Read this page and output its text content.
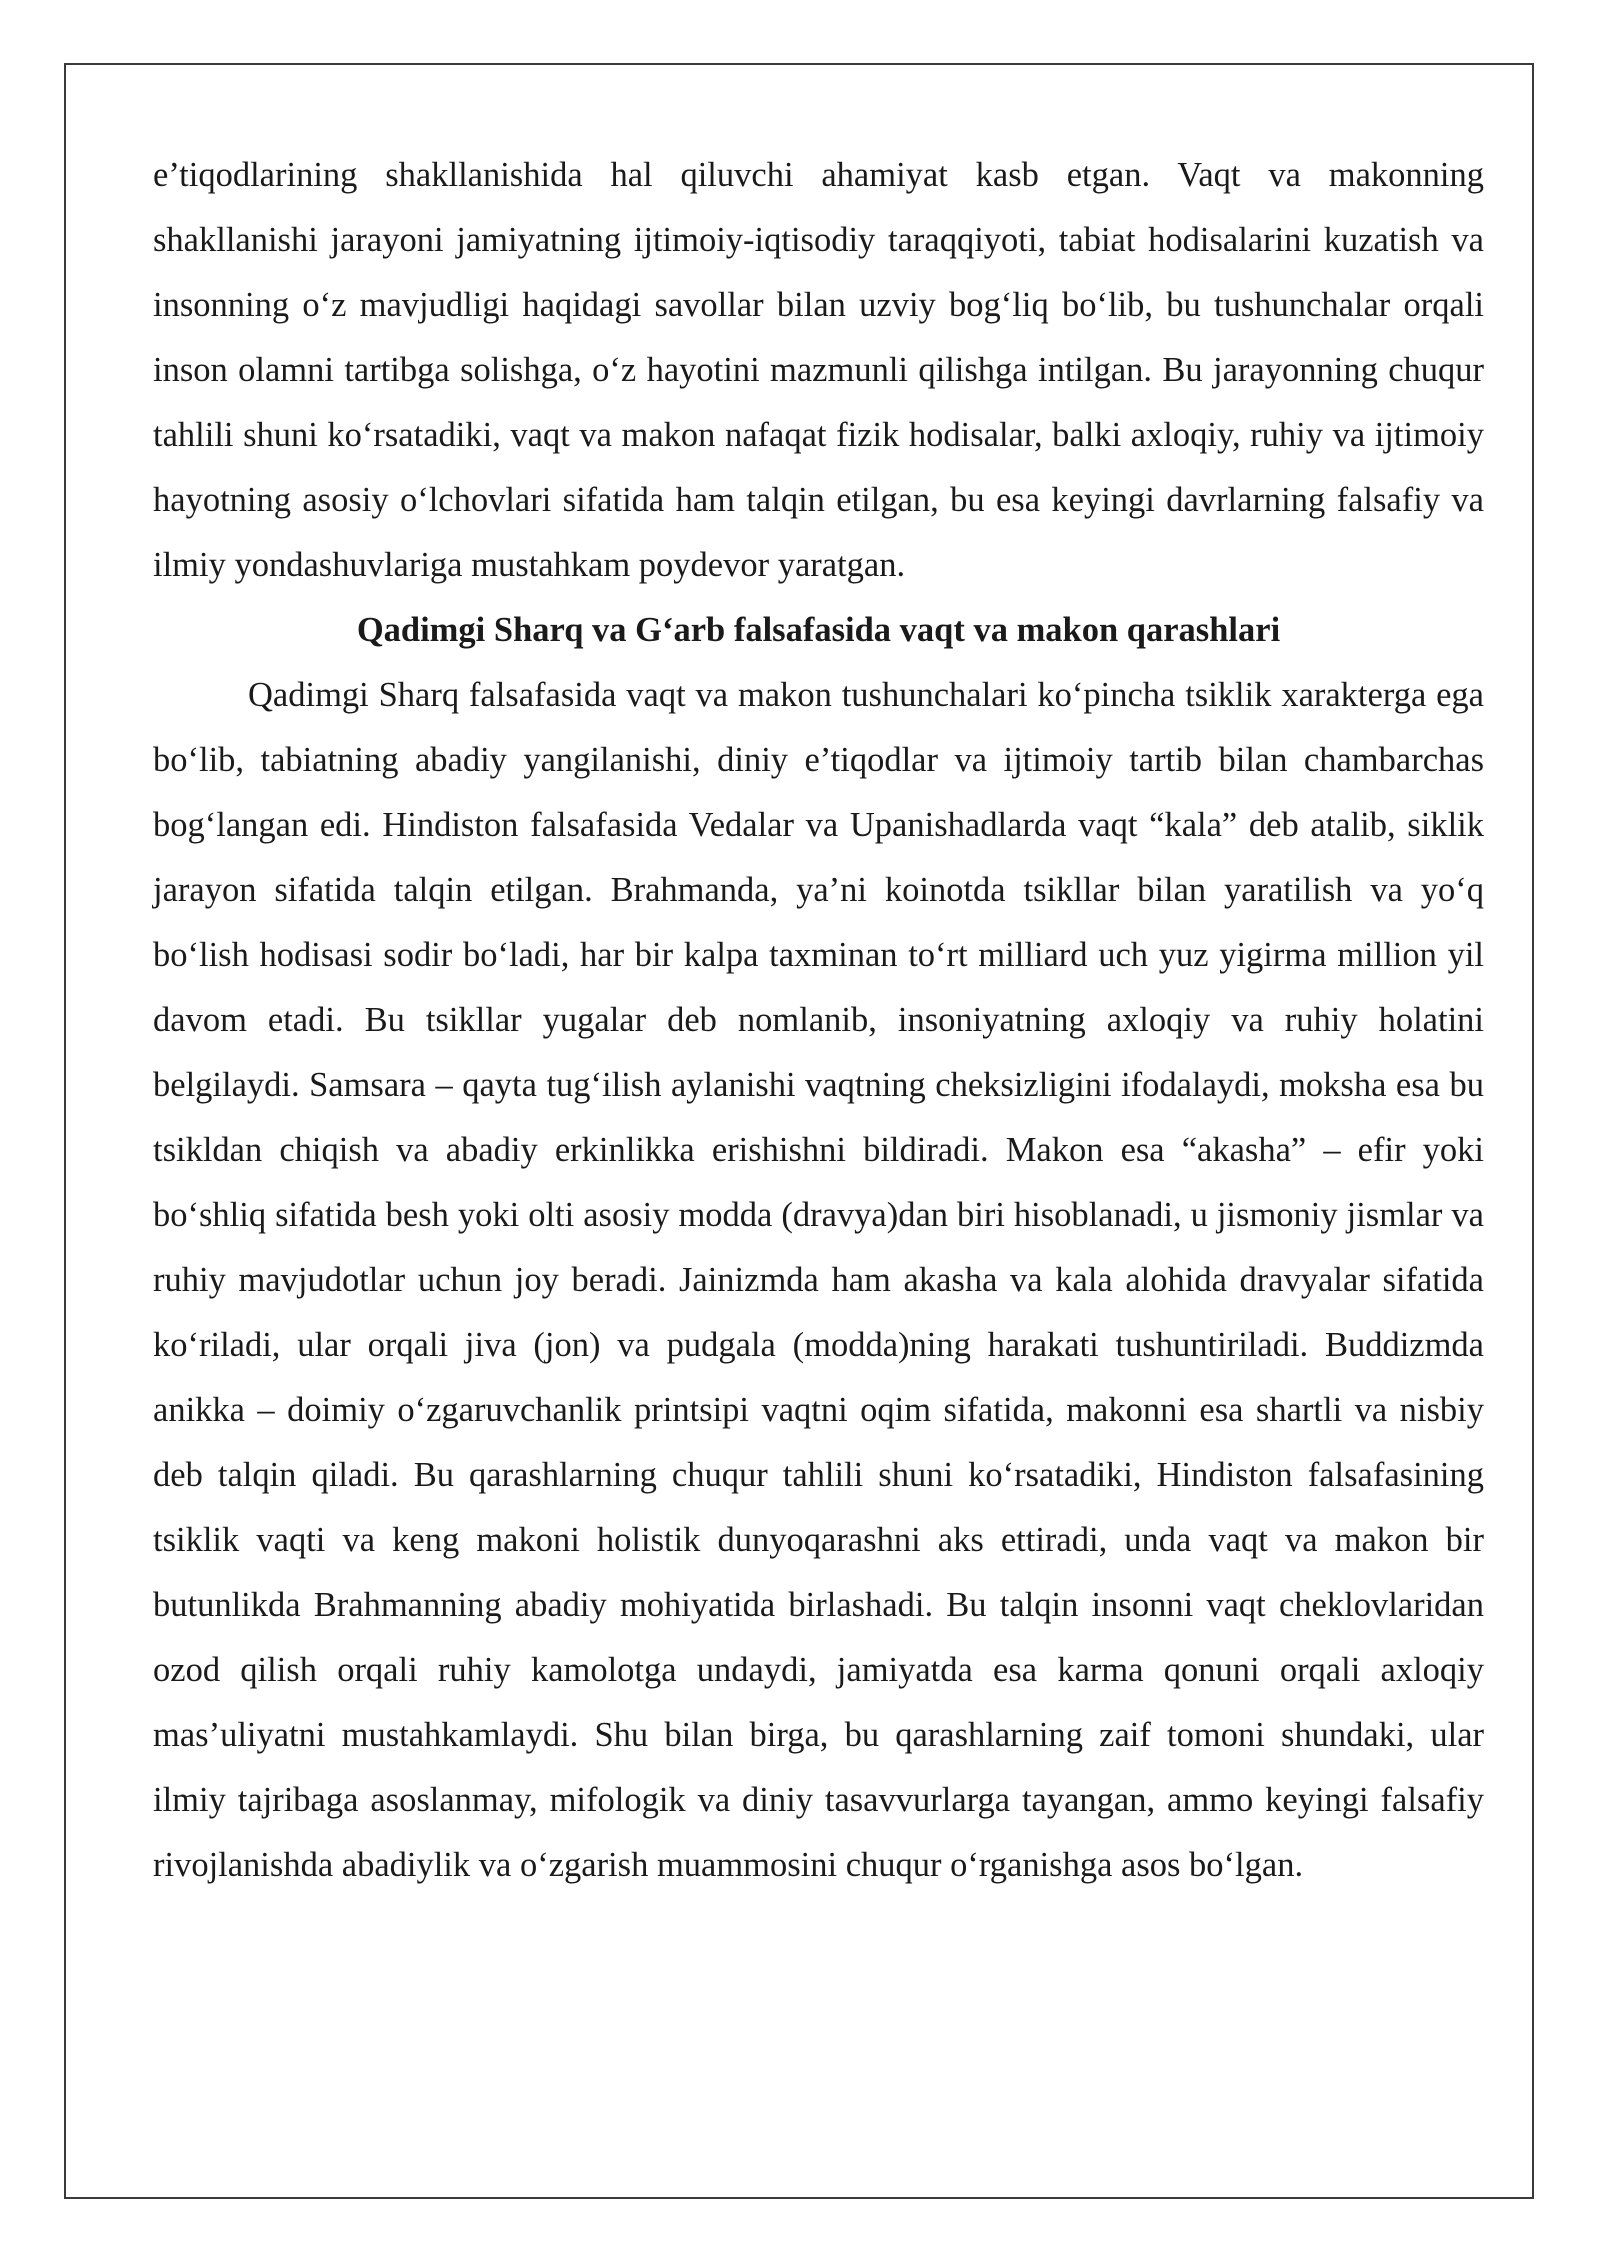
e’tiqodlarining shakllanishida hal qiluvchi ahamiyat kasb etgan. Vaqt va makonning shakllanishi jarayoni jamiyatning ijtimoiy-iqtisodiy taraqqiyoti, tabiat hodisalarini kuzatish va insonning o‘z mavjudligi haqidagi savollar bilan uzviy bog‘liq bo‘lib, bu tushunchalar orqali inson olamni tartibga solishga, o‘z hayotini mazmunli qilishga intilgan. Bu jarayonning chuqur tahlili shuni ko‘rsatadiki, vaqt va makon nafaqat fizik hodisalar, balki axloqiy, ruhiy va ijtimoiy hayotning asosiy o‘lchovlari sifatida ham talqin etilgan, bu esa keyingi davrlarning falsafiy va ilmiy yondashuvlariga mustahkam poydevor yaratgan.

Qadimgi Sharq va G‘arb falsafasida vaqt va makon qarashlari

Qadimgi Sharq falsafasida vaqt va makon tushunchalari ko‘pincha tsiklik xarakterga ega bo‘lib, tabiatning abadiy yangilanishi, diniy e’tiqodlar va ijtimoiy tartib bilan chambarchas bog‘langan edi. Hindiston falsafasida Vedalar va Upanishadlarda vaqt “kala” deb atalib, siklik jarayon sifatida talqin etilgan. Brahmanda, ya’ni koinotda tsikllar bilan yaratilish va yo‘q bo‘lish hodisasi sodir bo‘ladi, har bir kalpa taxminan to‘rt milliard uch yuz yigirma million yil davom etadi. Bu tsikllar yugalar deb nomlanib, insoniyatning axloqiy va ruhiy holatini belgilaydi. Samsara – qayta tug‘ilish aylanishi vaqtning cheksizligini ifodalaydi, moksha esa bu tsikldan chiqish va abadiy erkinlikka erishishni bildiradi. Makon esa “akasha” – efir yoki bo‘shliq sifatida besh yoki olti asosiy modda (dravya)dan biri hisoblanadi, u jismoniy jismlar va ruhiy mavjudotlar uchun joy beradi. Jainizmda ham akasha va kala alohida dravyalar sifatida ko‘riladi, ular orqali jiva (jon) va pudgala (modda)ning harakati tushuntiriladi. Buddizmda anikka – doimiy o‘zgaruvchanlik printsipi vaqtni oqim sifatida, makonni esa shartli va nisbiy deb talqin qiladi. Bu qarashlarning chuqur tahlili shuni ko‘rsatadiki, Hindiston falsafasining tsiklik vaqti va keng makoni holistik dunyoqarashni aks ettiradi, unda vaqt va makon bir butunlikda Brahmanning abadiy mohiyatida birlashadi. Bu talqin insonni vaqt cheklovlaridan ozod qilish orqali ruhiy kamolotga undaydi, jamiyatda esa karma qonuni orqali axloqiy mas’uliyatni mustahkamlaydi. Shu bilan birga, bu qarashlarning zaif tomoni shundaki, ular ilmiy tajribaga asoslanmay, mifologik va diniy tasavvurlarga tayangan, ammo keyingi falsafiy rivojlanishda abadiylik va o‘zgarish muammosini chuqur o‘rganishga asos bo‘lgan.
